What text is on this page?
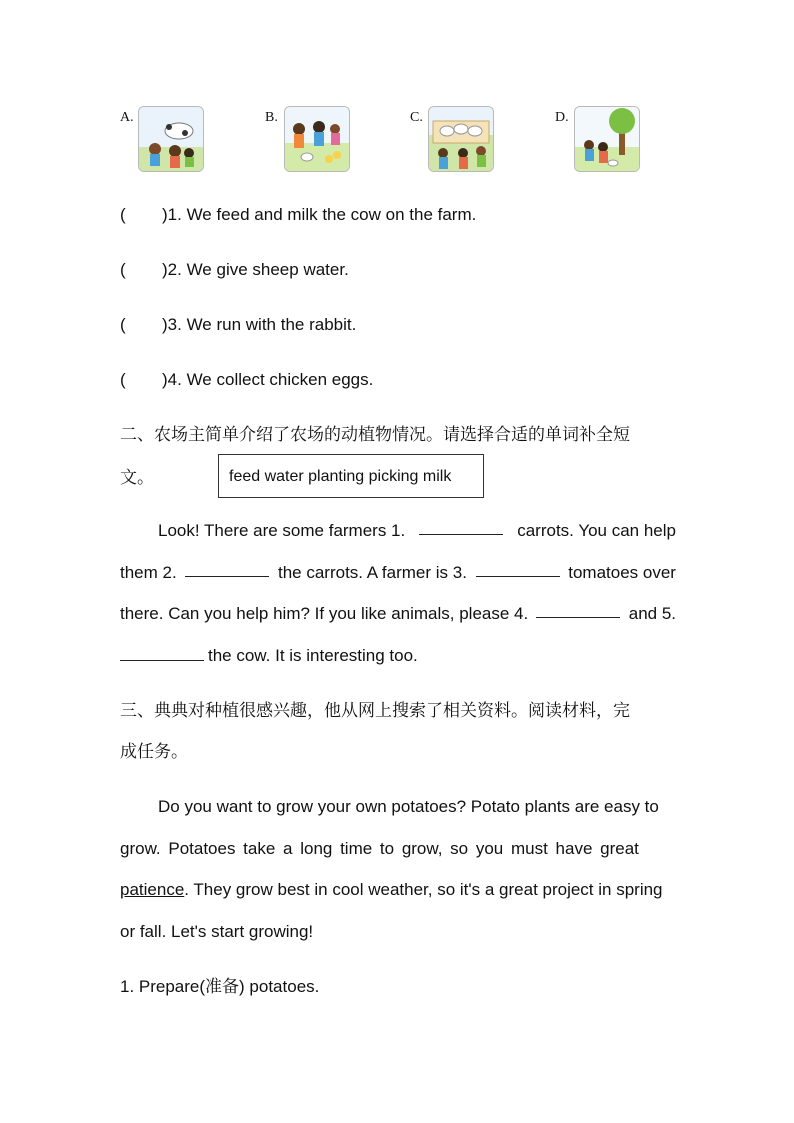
A.	B.	C.	D.
( )1. We feed and milk the cow on the farm.
( )2. We give sheep water.
( )3. We run with the rabbit.
( )4. We collect chicken eggs.
二、农场主简单介绍了农场的动植物情况。请选择合适的单词补全短
文。	feed water planting picking milk
Look! There are some farmers 1.	carrots. You can help
them 2.	the carrots. A farmer is 3.	tomatoes over
there. Can you help him? If you like animals, please 4.	and 5.
the cow. It is interesting too.
三、典典对种植很感兴趣，他从网上搜索了相关资料。阅读材料，完
成任务。
Do you want to grow your own potatoes? Potato plants are easy to
grow. Potatoes take a long time to grow, so you must have great
patience. They grow best in cool weather, so it's a great project in spring
or fall. Let's start growing!
1. Prepare(准备) potatoes.
